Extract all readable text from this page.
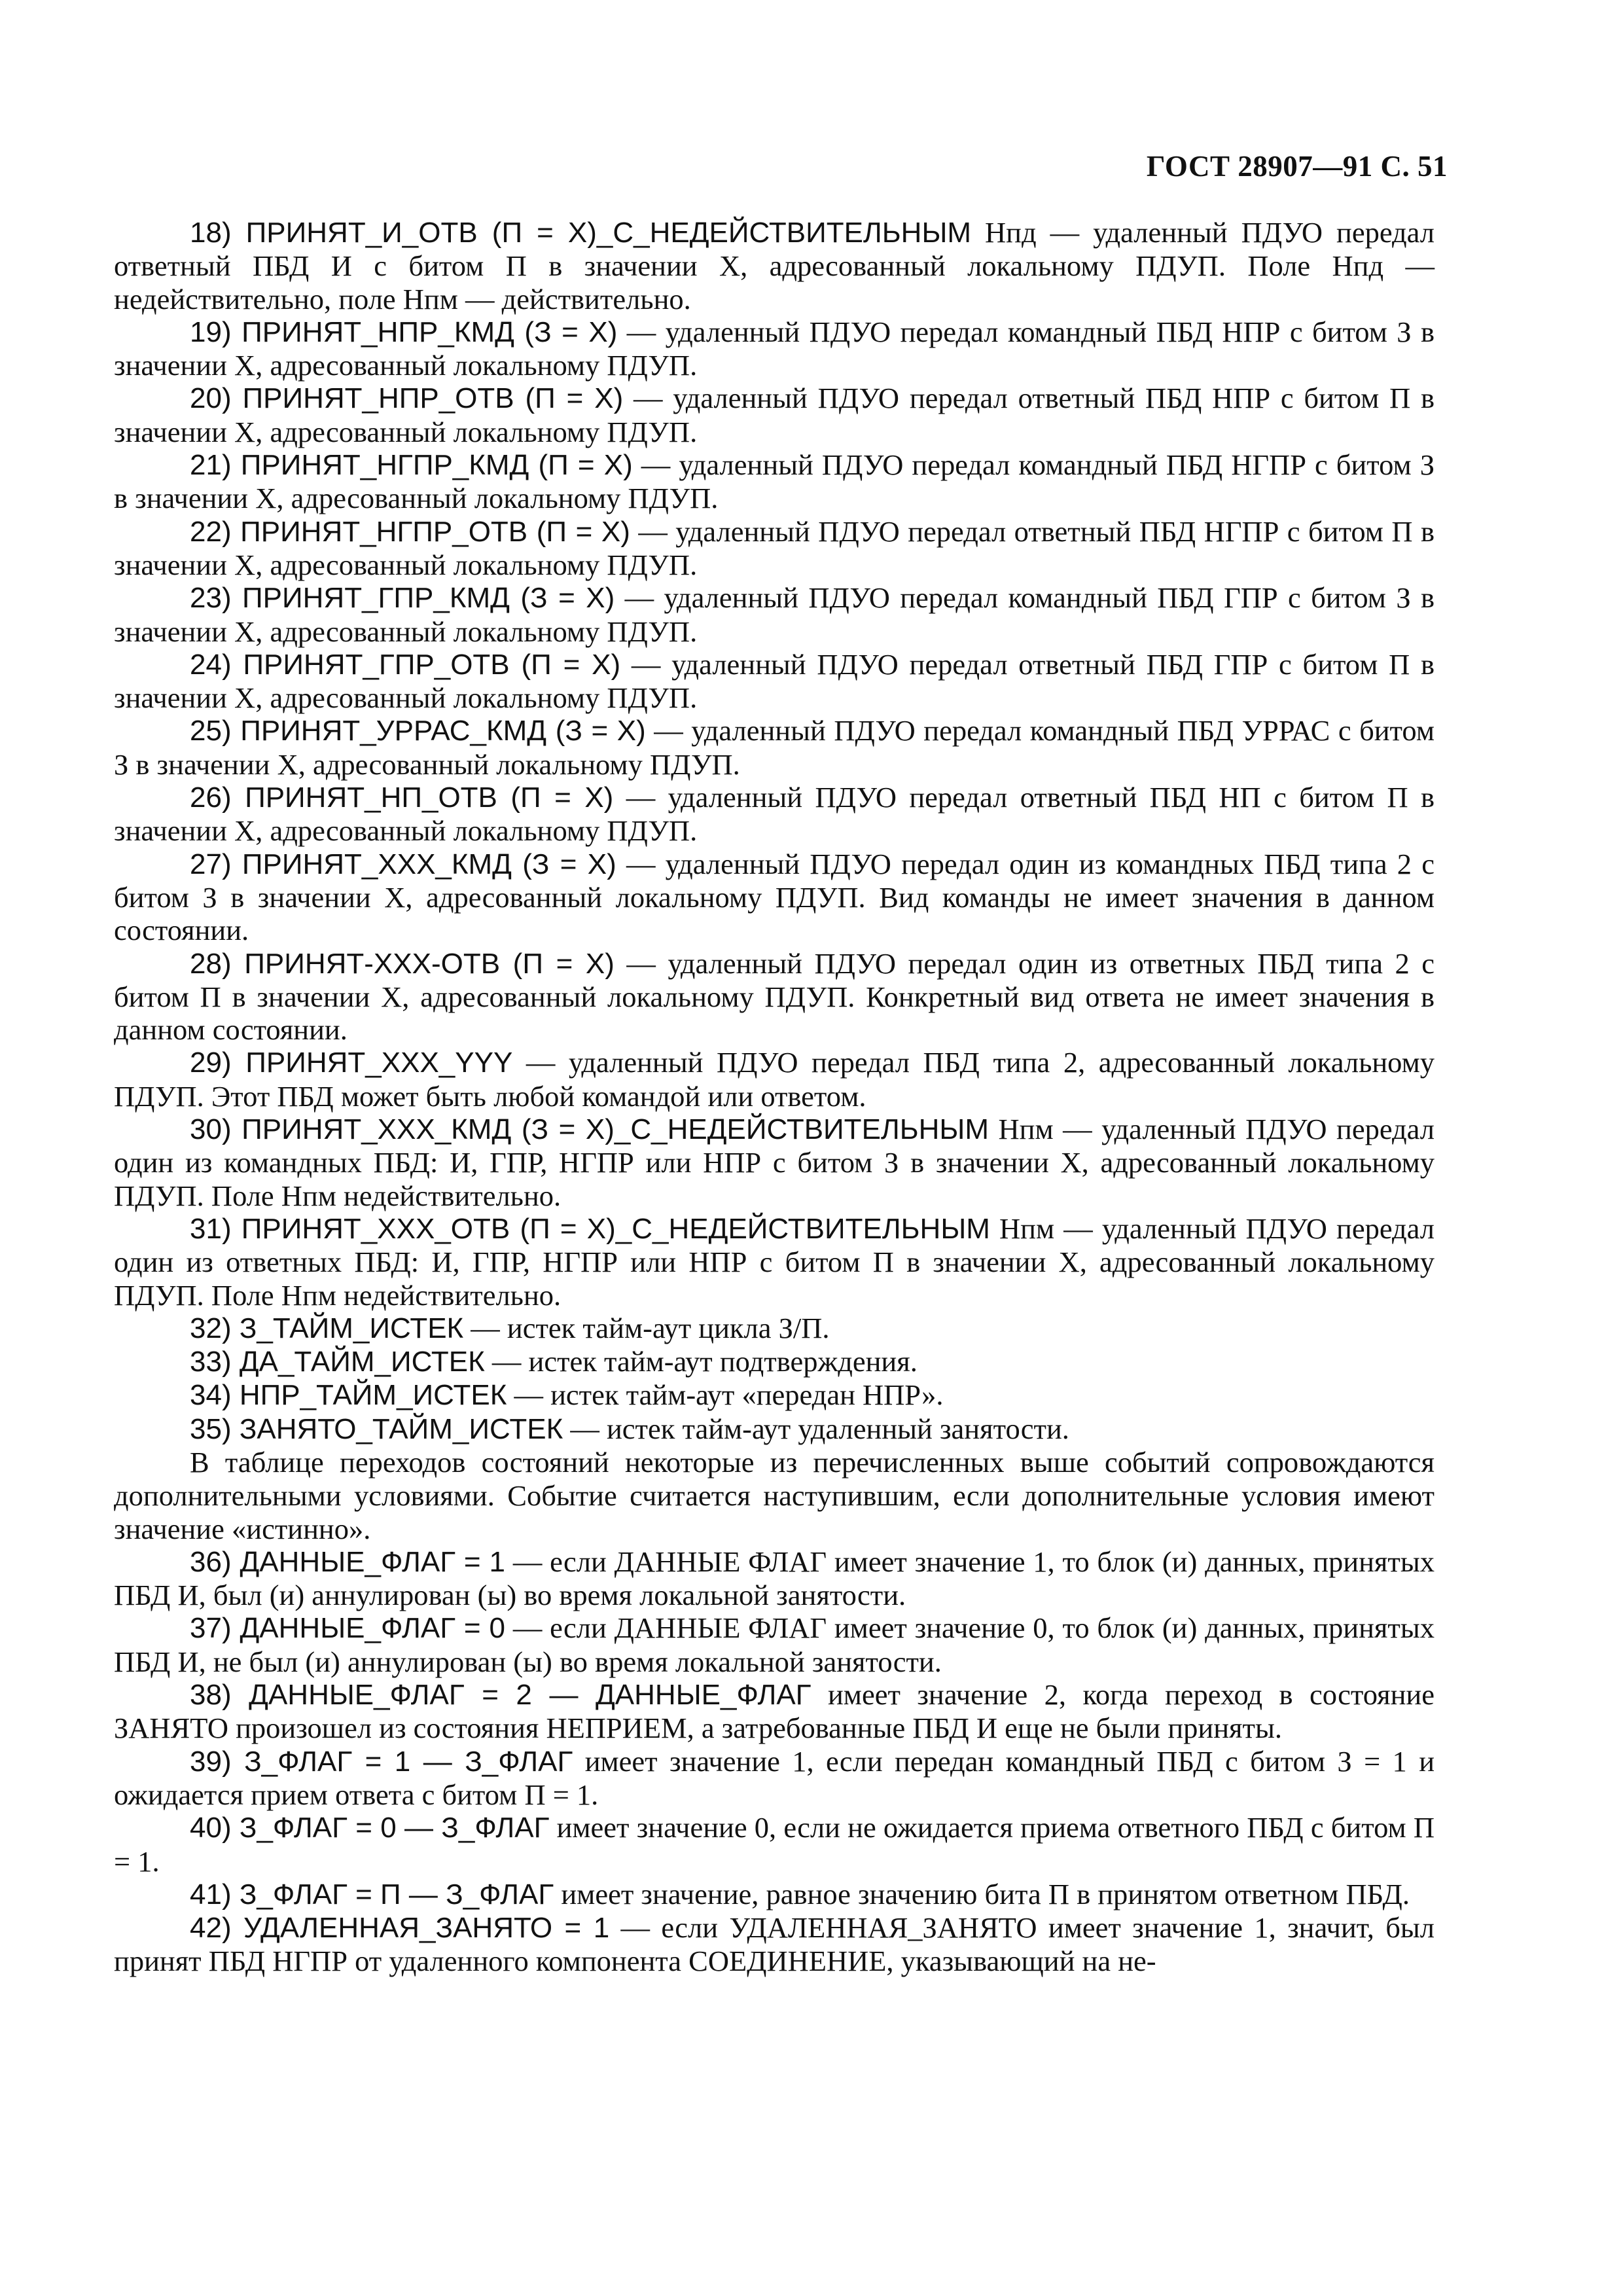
ГОСТ 28907—91 С. 51

18) ПРИНЯТ_И_ОТВ (П = X)_С_НЕДЕЙСТВИТЕЛЬНЫМ Нпд — удаленный ПДУО передал ответный ПБД И с битом П в значении X, адресованный локальному ПДУП. Поле Нпд — недействительно, поле Нпм — действительно.

19) ПРИНЯТ_НПР_КМД (З = X) — удаленный ПДУО передал командный ПБД НПР с битом З в значении X, адресованный локальному ПДУП.

20) ПРИНЯТ_НПР_ОТВ (П = X) — удаленный ПДУО передал ответный ПБД НПР с битом П в значении X, адресованный локальному ПДУП.

21) ПРИНЯТ_НГПР_КМД (П = X) — удаленный ПДУО передал командный ПБД НГПР с битом З в значении X, адресованный локальному ПДУП.

22) ПРИНЯТ_НГПР_ОТВ (П = X) — удаленный ПДУО передал ответный ПБД НГПР с битом П в значении X, адресованный локальному ПДУП.

23) ПРИНЯТ_ГПР_КМД (З = X) — удаленный ПДУО передал командный ПБД ГПР с битом З в значении X, адресованный локальному ПДУП.

24) ПРИНЯТ_ГПР_ОТВ (П = X) — удаленный ПДУО передал ответный ПБД ГПР с битом П в значении X, адресованный локальному ПДУП.

25) ПРИНЯТ_УРРАС_КМД (З = X) — удаленный ПДУО передал командный ПБД УРРАС с битом З в значении X, адресованный локальному ПДУП.

26) ПРИНЯТ_НП_ОТВ (П = X) — удаленный ПДУО передал ответный ПБД НП с битом П в значении X, адресованный локальному ПДУП.

27) ПРИНЯТ_XXX_КМД (З = X) — удаленный ПДУО передал один из командных ПБД типа 2 с битом З в значении X, адресованный локальному ПДУП. Вид команды не имеет значения в данном состоянии.

28) ПРИНЯТ-XXX-ОТВ (П = X) — удаленный ПДУО передал один из ответных ПБД типа 2 с битом П в значении X, адресованный локальному ПДУП. Конкретный вид ответа не имеет значения в данном состоянии.

29) ПРИНЯТ_XXX_YYY — удаленный ПДУО передал ПБД типа 2, адресованный локальному ПДУП. Этот ПБД может быть любой командой или ответом.

30) ПРИНЯТ_XXX_КМД (З = X)_С_НЕДЕЙСТВИТЕЛЬНЫМ Нпм — удаленный ПДУО передал один из командных ПБД: И, ГПР, НГПР или НПР с битом З в значении X, адресованный локальному ПДУП. Поле Нпм недействительно.

31) ПРИНЯТ_XXX_ОТВ (П = X)_С_НЕДЕЙСТВИТЕЛЬНЫМ Нпм — удаленный ПДУО передал один из ответных ПБД: И, ГПР, НГПР или НПР с битом П в значении X, адресованный локальному ПДУП. Поле Нпм недействительно.

32) З_ТАЙМ_ИСТЕК — истек тайм-аут цикла З/П.

33) ДА_ТАЙМ_ИСТЕК — истек тайм-аут подтверждения.

34) НПР_ТАЙМ_ИСТЕК — истек тайм-аут «передан НПР».

35) ЗАНЯТО_ТАЙМ_ИСТЕК — истек тайм-аут удаленный занятости.

В таблице переходов состояний некоторые из перечисленных выше событий сопровождаются дополнительными условиями. Событие считается наступившим, если дополнительные условия имеют значение «истинно».

36) ДАННЫЕ_ФЛАГ = 1 — если ДАННЫЕ ФЛАГ имеет значение 1, то блок (и) данных, принятых ПБД И, был (и) аннулирован (ы) во время локальной занятости.

37) ДАННЫЕ_ФЛАГ = 0 — если ДАННЫЕ ФЛАГ имеет значение 0, то блок (и) данных, принятых ПБД И, не был (и) аннулирован (ы) во время локальной занятости.

38) ДАННЫЕ_ФЛАГ = 2 — ДАННЫЕ_ФЛАГ имеет значение 2, когда переход в состояние ЗАНЯТО произошел из состояния НЕПРИЕМ, а затребованные ПБД И еще не были приняты.

39) З_ФЛАГ = 1 — З_ФЛАГ имеет значение 1, если передан командный ПБД с битом З = 1 и ожидается прием ответа с битом П = 1.

40) З_ФЛАГ = 0 — З_ФЛАГ имеет значение 0, если не ожидается приема ответного ПБД с битом П = 1.

41) З_ФЛАГ = П — З_ФЛАГ имеет значение, равное значению бита П в принятом ответном ПБД.

42) УДАЛЕННАЯ_ЗАНЯТО = 1 — если УДАЛЕННАЯ_ЗАНЯТО имеет значение 1, значит, был принят ПБД НГПР от удаленного компонента СОЕДИНЕНИЕ, указывающий на не-
